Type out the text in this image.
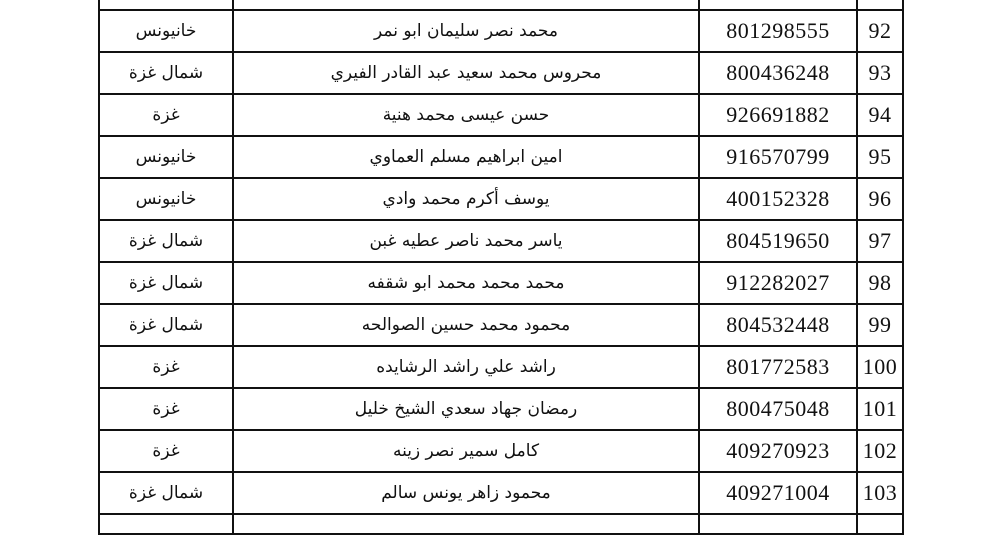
خانيونس	محمد نصر سليمان ابو نمر	801298555	92
شمال غزة	محروس محمد سعيد عبد القادر الفيري	800436248	93
غزة	حسن عيسى محمد هنية	926691882	94
خانيونس	امين ابراهيم مسلم العماوي	916570799	95
خانيونس	يوسف أكرم محمد وادي	400152328	96
شمال غزة	ياسر محمد ناصر عطيه غبن	804519650	97
شمال غزة	محمد محمد محمد ابو شقفه	912282027	98
شمال غزة	محمود محمد حسين الصوالحه	804532448	99
غزة	راشد علي راشد الرشايده	801772583	100
غزة	رمضان جهاد سعدي الشيخ خليل	800475048	101
غزة	كامل سمير نصر زينه	409270923	102
شمال غزة	محمود زاهر يونس سالم	409271004	103
